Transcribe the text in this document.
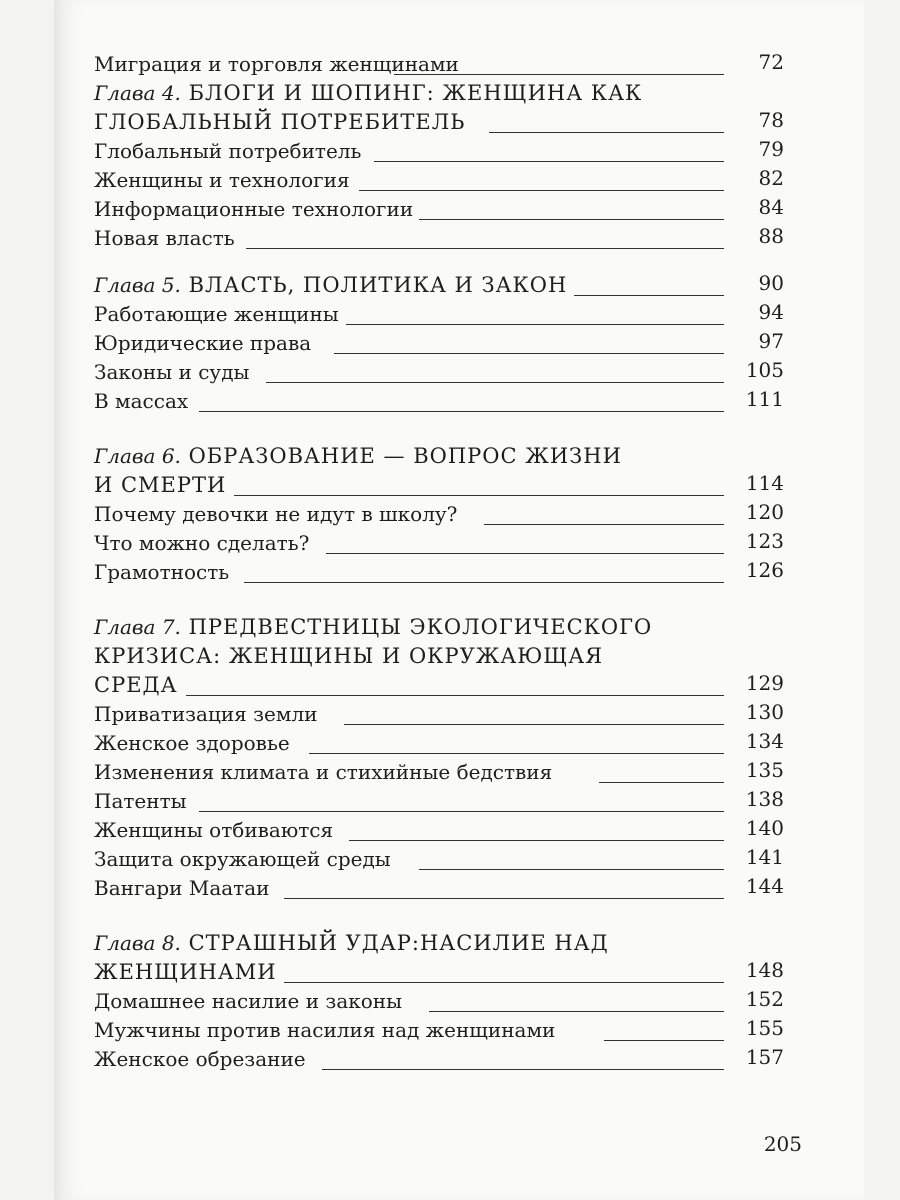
Миграция и торговля женщинами	72
Глава 4. БЛОГИ И ШОПИНГ: ЖЕНЩИНА КАК
ГЛОБАЛЬНЫЙ ПОТРЕБИТЕЛЬ	78
Глобальный потребитель	79
Женщины и технология	82
Информационные технологии	84
Новая власть	88
Глава 5. ВЛАСТЬ, ПОЛИТИКА И ЗАКОН	90
Работающие женщины	94
Юридические права	97
Законы и суды	105
В массах	111
Глава 6. ОБРАЗОВАНИЕ — ВОПРОС ЖИЗНИ
И СМЕРТИ	114
Почему девочки не идут в школу?	120
Что можно сделать?	123
Грамотность	126
Глава 7. ПРЕДВЕСТНИЦЫ ЭКОЛОГИЧЕСКОГО
КРИЗИСА: ЖЕНЩИНЫ И ОКРУЖАЮЩАЯ
СРЕДА	129
Приватизация земли	130
Женское здоровье	134
Изменения климата и стихийные бедствия	135
Патенты	138
Женщины отбиваются	140
Защита окружающей среды	141
Вангари Маатаи	144
Глава 8. СТРАШНЫЙ УДАР:НАСИЛИЕ НАД
ЖЕНЩИНАМИ	148
Домашнее насилие и законы	152
Мужчины против насилия над женщинами	155
Женское обрезание	157
205
